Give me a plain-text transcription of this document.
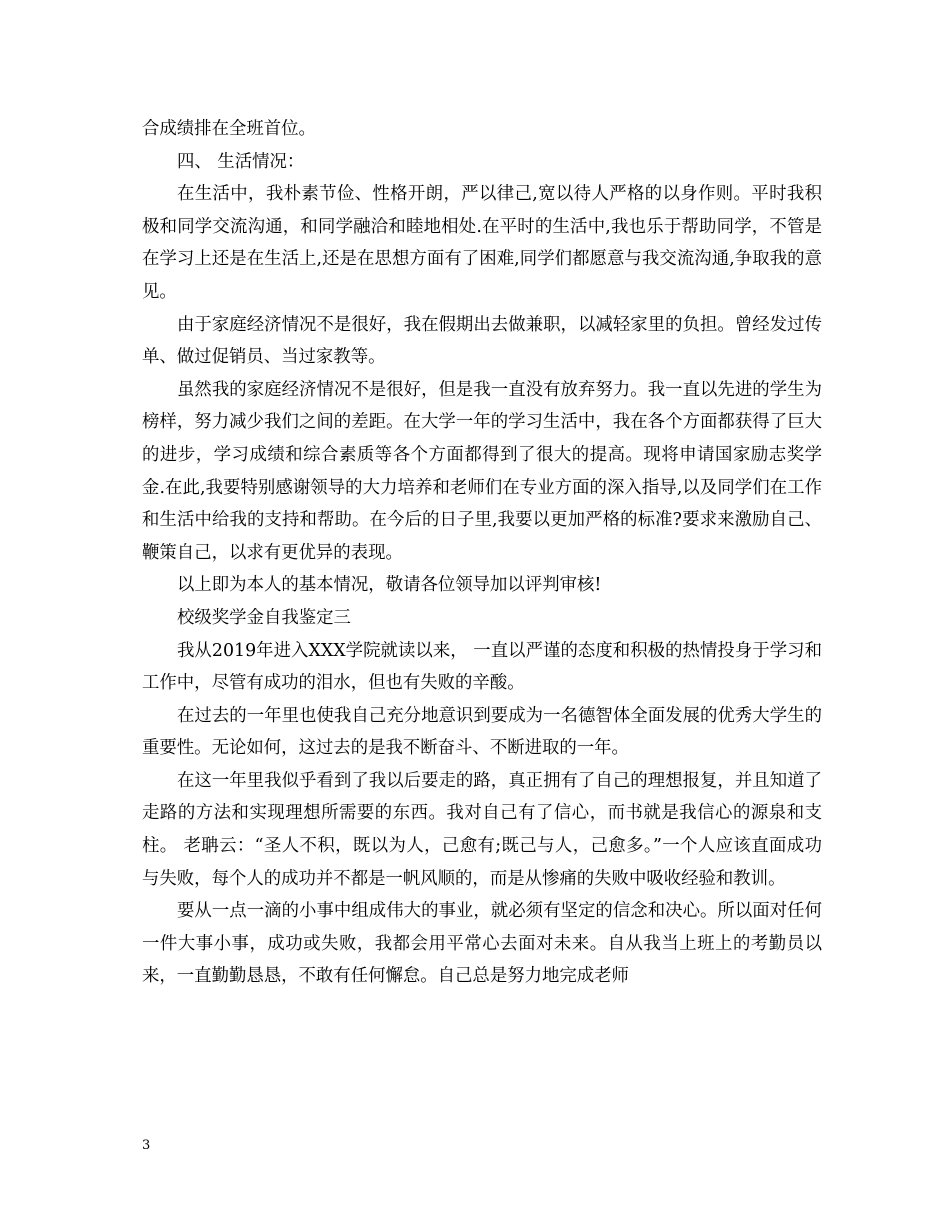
合成绩排在全班首位。

四、 生活情况：

在生活中，我朴素节俭、性格开朗，严以律己,宽以待人严格的以身作则。平时我积极和同学交流沟通，和同学融洽和睦地相处.在平时的生活中,我也乐于帮助同学，不管是在学习上还是在生活上,还是在思想方面有了困难,同学们都愿意与我交流沟通,争取我的意见。

由于家庭经济情况不是很好，我在假期出去做兼职，以减轻家里的负担。曾经发过传单、做过促销员、当过家教等。

虽然我的家庭经济情况不是很好，但是我一直没有放弃努力。我一直以先进的学生为榜样，努力减少我们之间的差距。在大学一年的学习生活中，我在各个方面都获得了巨大的进步，学习成绩和综合素质等各个方面都得到了很大的提高。现将申请国家励志奖学金.在此,我要特别感谢领导的大力培养和老师们在专业方面的深入指导,以及同学们在工作和生活中给我的支持和帮助。在今后的日子里,我要以更加严格的标准?要求来激励自己、鞭策自己，以求有更优异的表现。

以上即为本人的基本情况，敬请各位领导加以评判审核!

校级奖学金自我鉴定三

我从2019年进入XXX学院就读以来， 一直以严谨的态度和积极的热情投身于学习和工作中，尽管有成功的泪水，但也有失败的辛酸。

在过去的一年里也使我自己充分地意识到要成为一名德智体全面发展的优秀大学生的重要性。无论如何，这过去的是我不断奋斗、不断进取的一年。

在这一年里我似乎看到了我以后要走的路，真正拥有了自己的理想报复，并且知道了走路的方法和实现理想所需要的东西。我对自己有了信心，而书就是我信心的源泉和支柱。 老聃云：“圣人不积，既以为人，己愈有;既己与人，己愈多。”一个人应该直面成功与失败，每个人的成功并不都是一帆风顺的，而是从惨痛的失败中吸收经验和教训。

要从一点一滴的小事中组成伟大的事业，就必须有坚定的信念和决心。所以面对任何一件大事小事，成功或失败，我都会用平常心去面对未来。自从我当上班上的考勤员以来，一直勤勤恳恳，不敢有任何懈怠。自己总是努力地完成老师

3
